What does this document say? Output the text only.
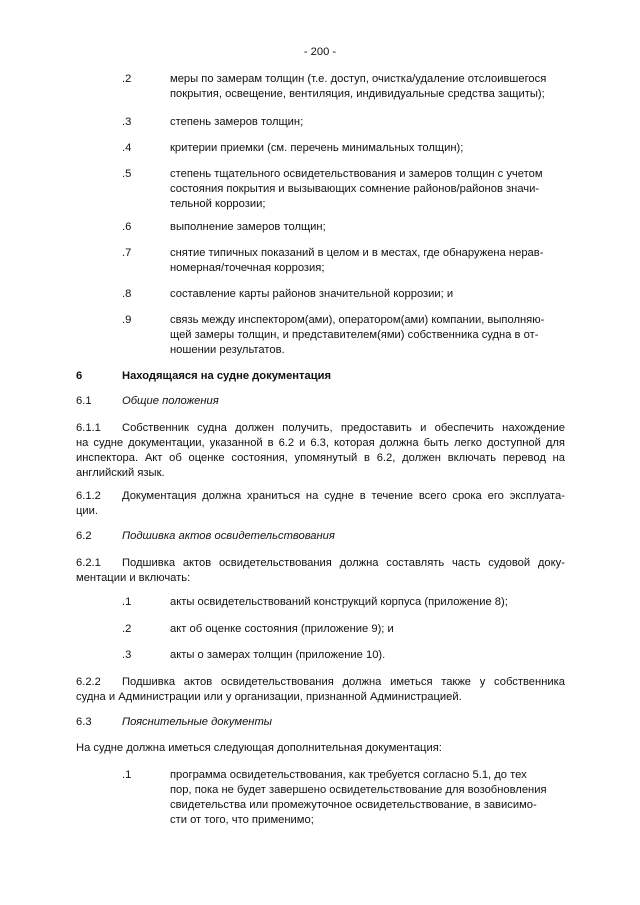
- 200 -
.2	меры по замерам толщин (т.е. доступ, очистка/удаление отслоившегося
покрытия, освещение, вентиляция, индивидуальные средства защиты);
.3	степень замеров толщин;
.4	критерии приемки (см. перечень минимальных толщин);
.5	степень тщательного освидетельствования и замеров толщин с учетом
состояния покрытия и вызывающих сомнение районов/районов значи-
тельной коррозии;
.6	выполнение замеров толщин;
.7	снятие типичных показаний в целом и в местах, где обнаружена нерав-
номерная/точечная коррозия;
.8	составление карты районов значительной коррозии; и
.9	связь между инспектором(ами), оператором(ами) компании, выполняю-
щей замеры толщин, и представителем(ями) собственника судна в от-
ношении результатов.
6	Находящаяся на судне документация
6.1	Общие положения
6.1.1 Собственник судна должен получить, предоставить и обеспечить нахождение
на судне документации, указанной в 6.2 и 6.3, которая должна быть легко доступной для
инспектора. Акт об оценке состояния, упомянутый в 6.2, должен включать перевод на
английский язык.
6.1.2 Документация должна храниться на судне в течение всего срока его эксплуата-
ции.
6.2	Подшивка актов освидетельствования
6.2.1 Подшивка актов освидетельствования должна составлять часть судовой доку-
ментации и включать:
.1	акты освидетельствований конструкций корпуса (приложение 8);
.2	акт об оценке состояния (приложение 9); и
.3	акты о замерах толщин (приложение 10).
6.2.2 Подшивка актов освидетельствования должна иметься также у собственника
судна и Администрации или у организации, признанной Администрацией.
6.3	Пояснительные документы
На судне должна иметься следующая дополнительная документация:
.1	программа освидетельствования, как требуется согласно 5.1, до тех
пор, пока не будет завершено освидетельствование для возобновления
свидетельства или промежуточное освидетельствование, в зависимо-
сти от того, что применимо;
